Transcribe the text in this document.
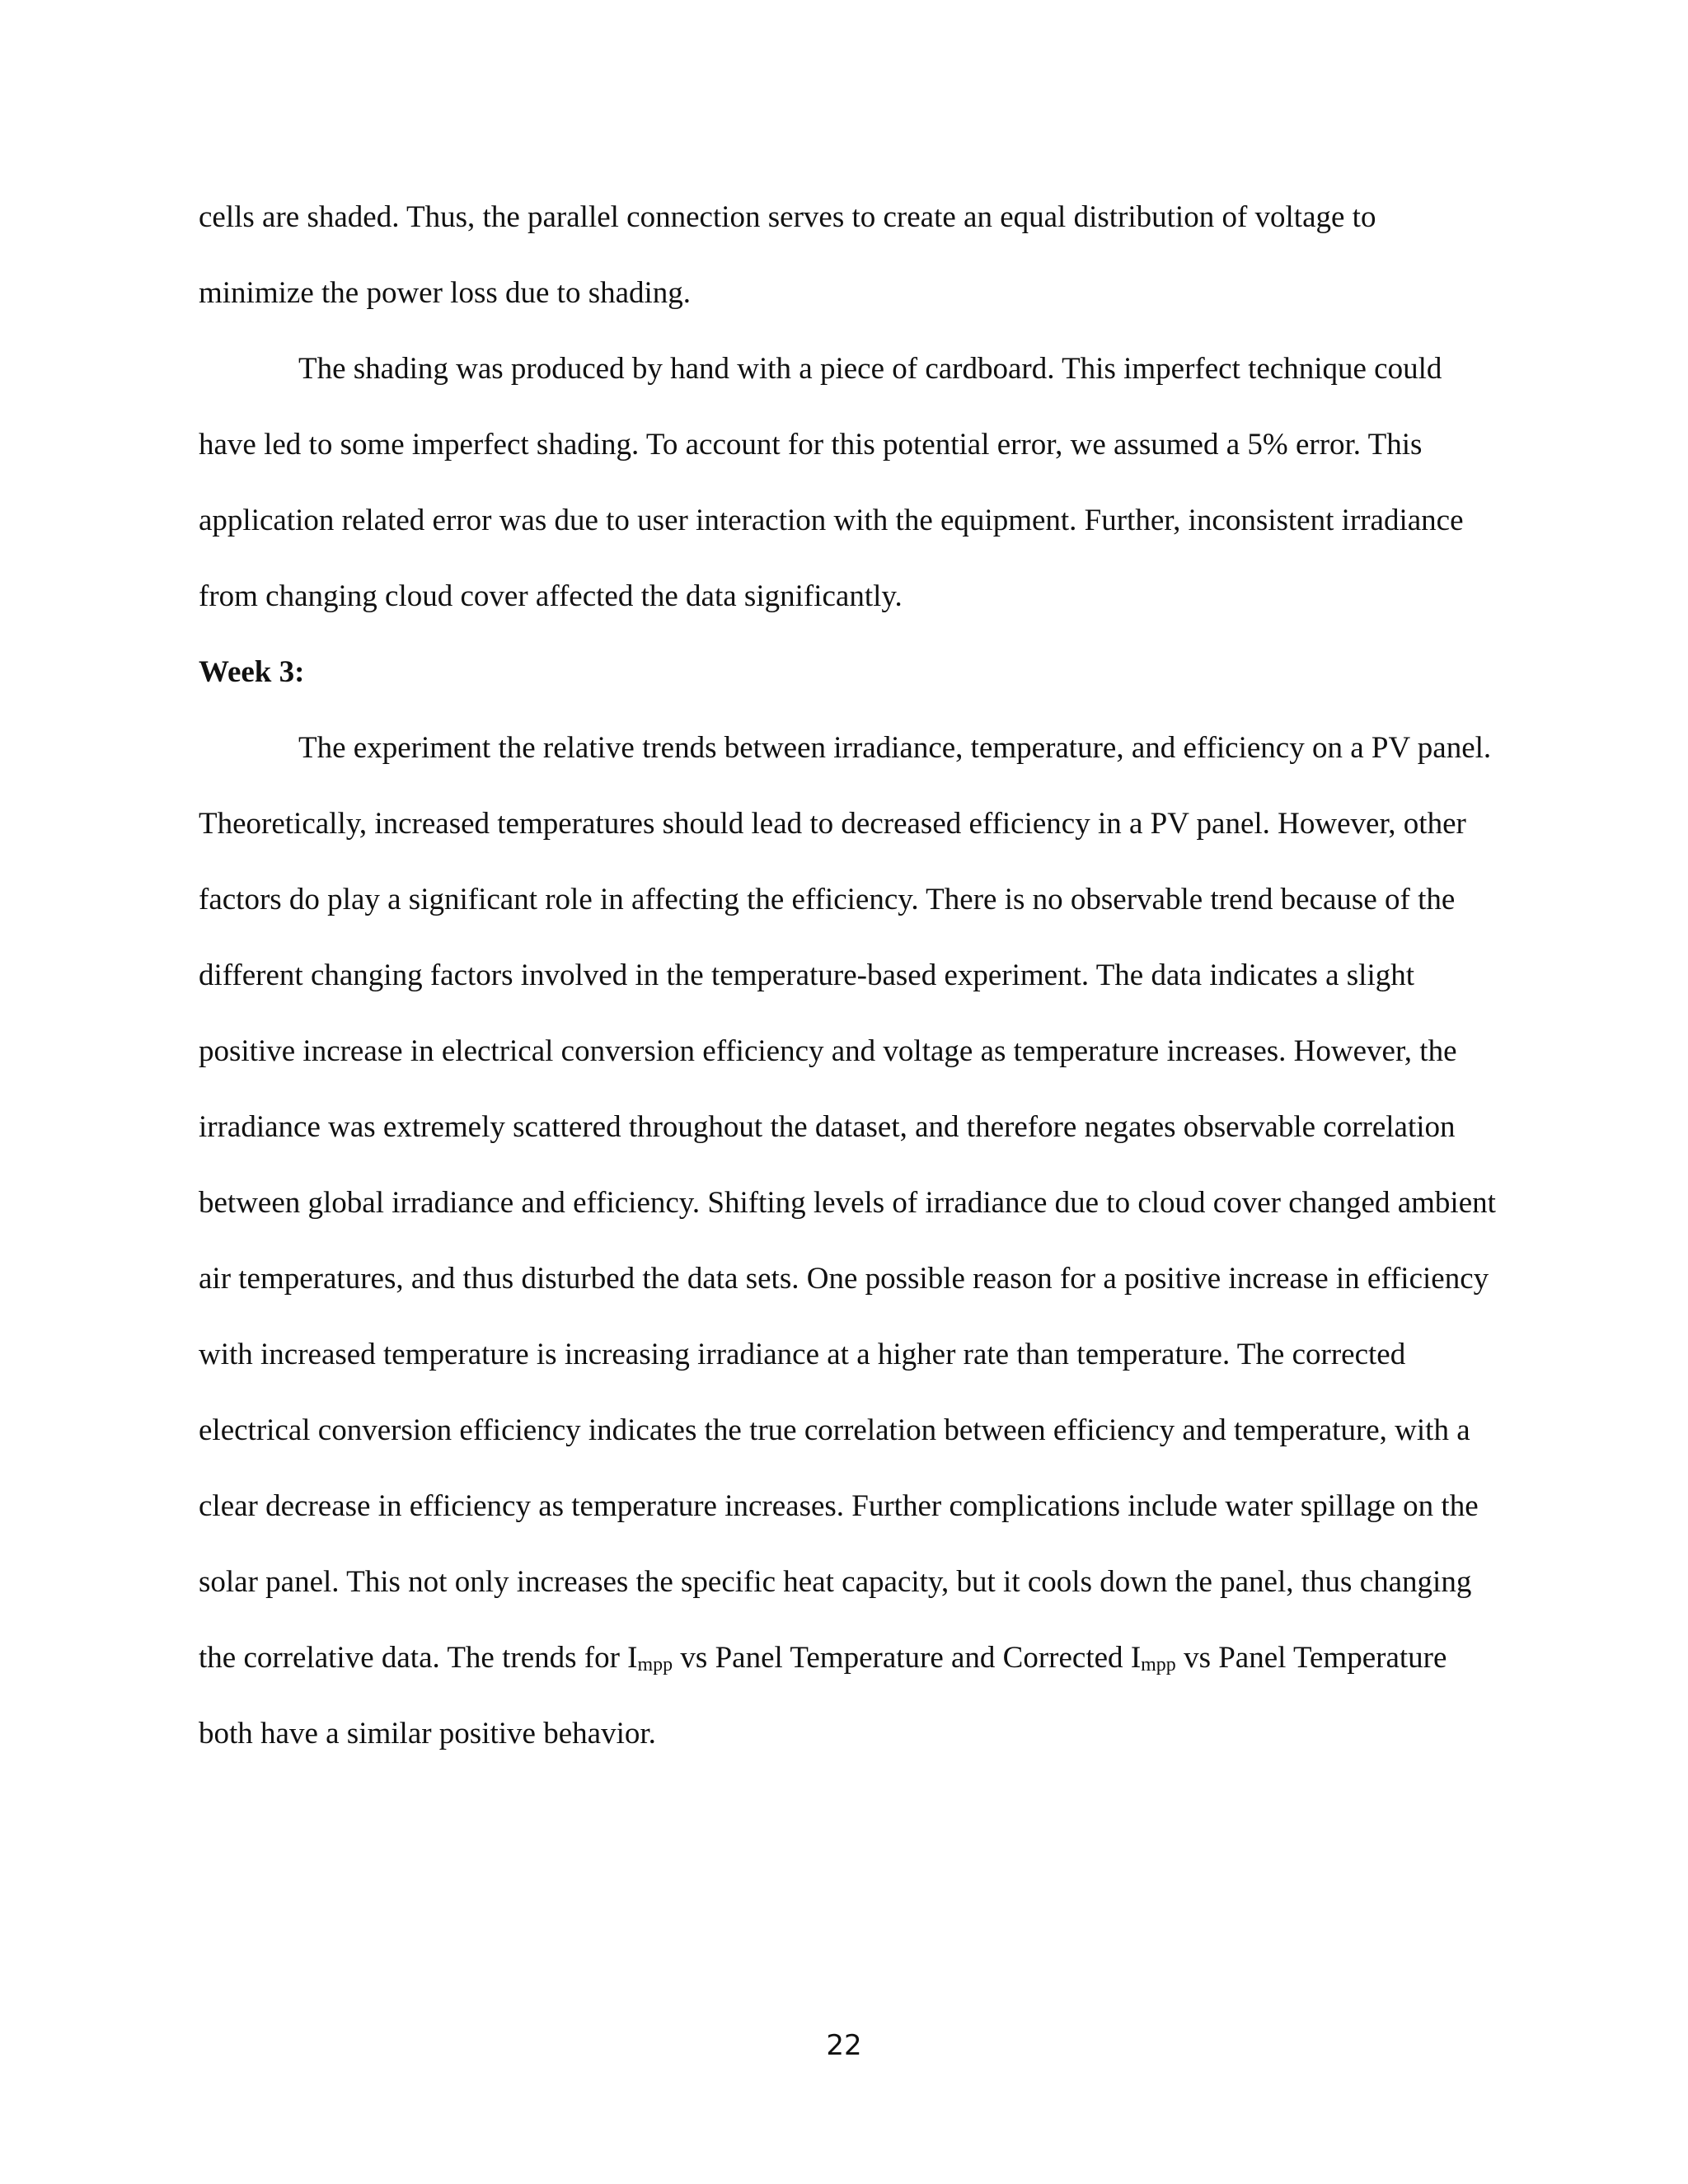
cells are shaded. Thus, the parallel connection serves to create an equal distribution of voltage to minimize the power loss due to shading.

The shading was produced by hand with a piece of cardboard. This imperfect technique could have led to some imperfect shading. To account for this potential error, we assumed a 5% error. This application related error was due to user interaction with the equipment. Further, inconsistent irradiance from changing cloud cover affected the data significantly.

Week 3:

The experiment the relative trends between irradiance, temperature, and efficiency on a PV panel. Theoretically, increased temperatures should lead to decreased efficiency in a PV panel. However, other factors do play a significant role in affecting the efficiency. There is no observable trend because of the different changing factors involved in the temperature-based experiment. The data indicates a slight positive increase in electrical conversion efficiency and voltage as temperature increases. However, the irradiance was extremely scattered throughout the dataset, and therefore negates observable correlation between global irradiance and efficiency. Shifting levels of irradiance due to cloud cover changed ambient air temperatures, and thus disturbed the data sets. One possible reason for a positive increase in efficiency with increased temperature is increasing irradiance at a higher rate than temperature. The corrected electrical conversion efficiency indicates the true correlation between efficiency and temperature, with a clear decrease in efficiency as temperature increases. Further complications include water spillage on the solar panel. This not only increases the specific heat capacity, but it cools down the panel, thus changing the correlative data. The trends for $I_{mpp}$ vs Panel Temperature and Corrected $I_{mpp}$ vs Panel Temperature both have a similar positive behavior.

22
